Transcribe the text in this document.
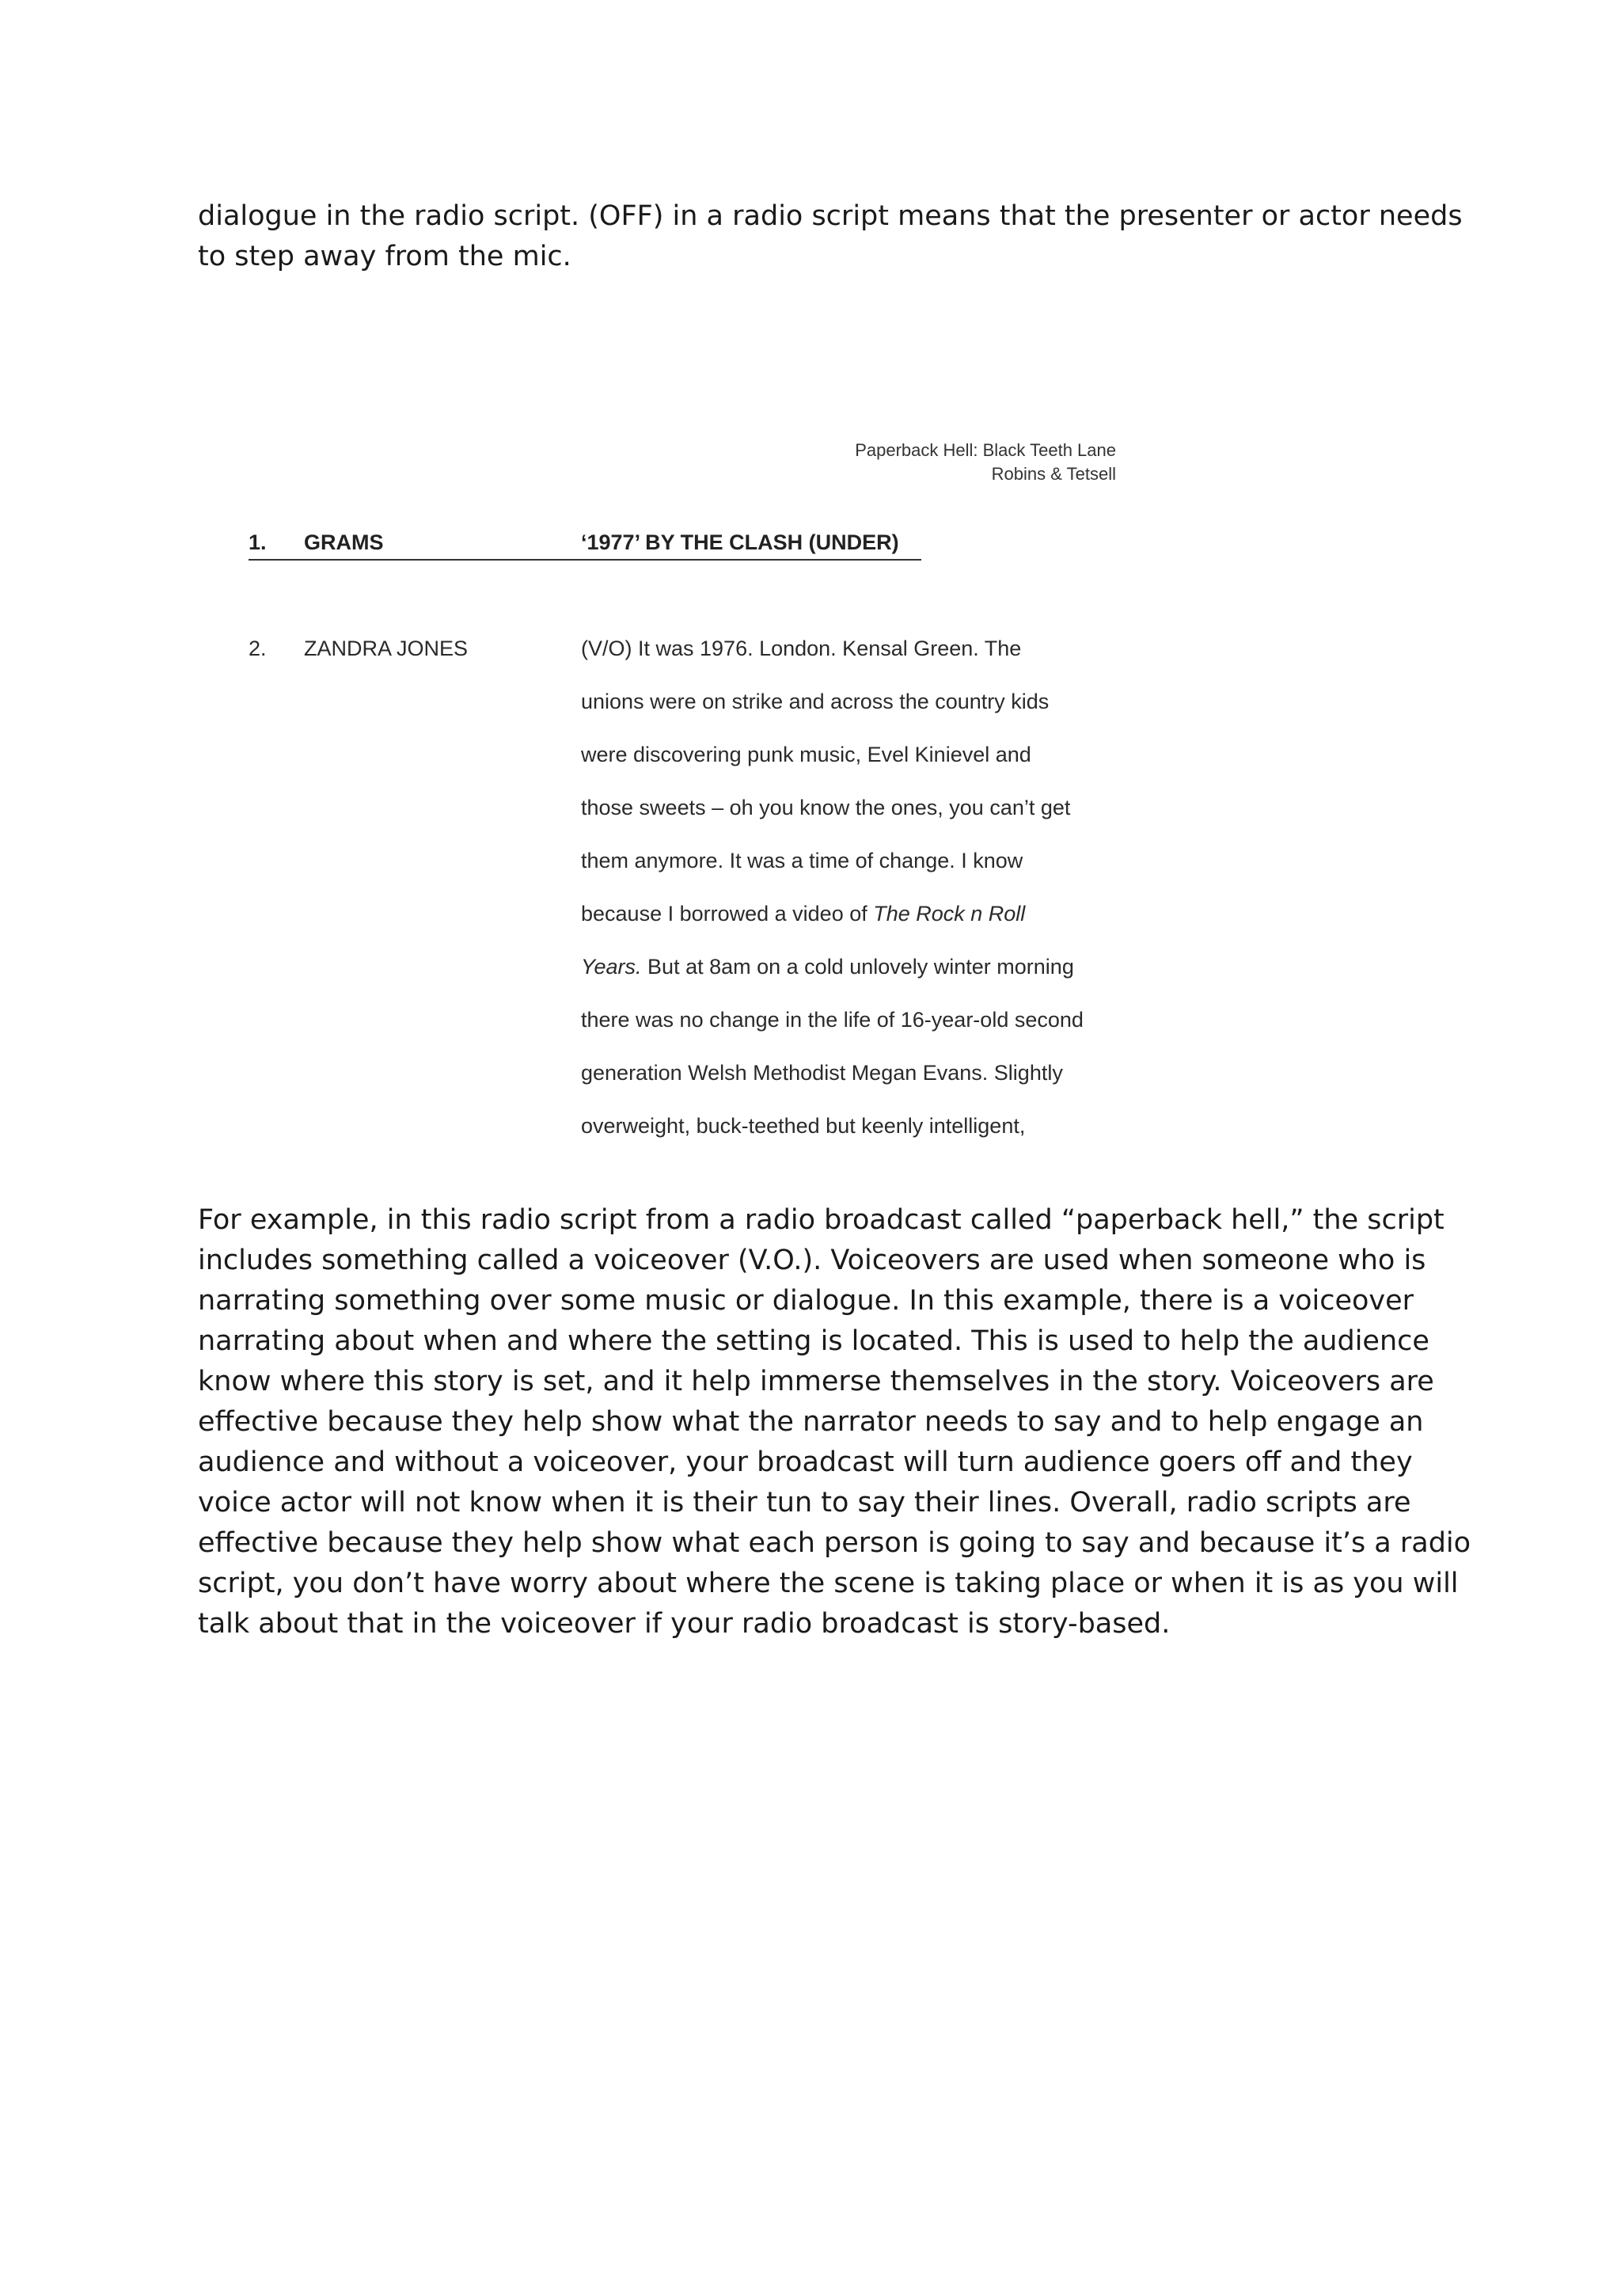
dialogue in the radio script. (OFF) in a radio script means that the presenter or actor needs
to step away from the mic.

Paperback Hell: Black Teeth Lane
Robins & Tetsell
1. GRAMS	‘1977’ BY THE CLASH (UNDER)
2. ZANDRA JONES	(V/O) It was 1976. London. Kensal Green. The
unions were on strike and across the country kids
were discovering punk music, Evel Kinievel and
those sweets – oh you know the ones, you can’t get
them anymore. It was a time of change. I know
because I borrowed a video of The Rock n Roll
Years. But at 8am on a cold unlovely winter morning
there was no change in the life of 16-year-old second
generation Welsh Methodist Megan Evans. Slightly
overweight, buck-teethed but keenly intelligent,

For example, in this radio script from a radio broadcast called “paperback hell,” the script
includes something called a voiceover (V.O.). Voiceovers are used when someone who is
narrating something over some music or dialogue. In this example, there is a voiceover
narrating about when and where the setting is located. This is used to help the audience
know where this story is set, and it help immerse themselves in the story. Voiceovers are
effective because they help show what the narrator needs to say and to help engage an
audience and without a voiceover, your broadcast will turn audience goers off and they
voice actor will not know when it is their tun to say their lines. Overall, radio scripts are
effective because they help show what each person is going to say and because it’s a radio
script, you don’t have worry about where the scene is taking place or when it is as you will
talk about that in the voiceover if your radio broadcast is story-based.
